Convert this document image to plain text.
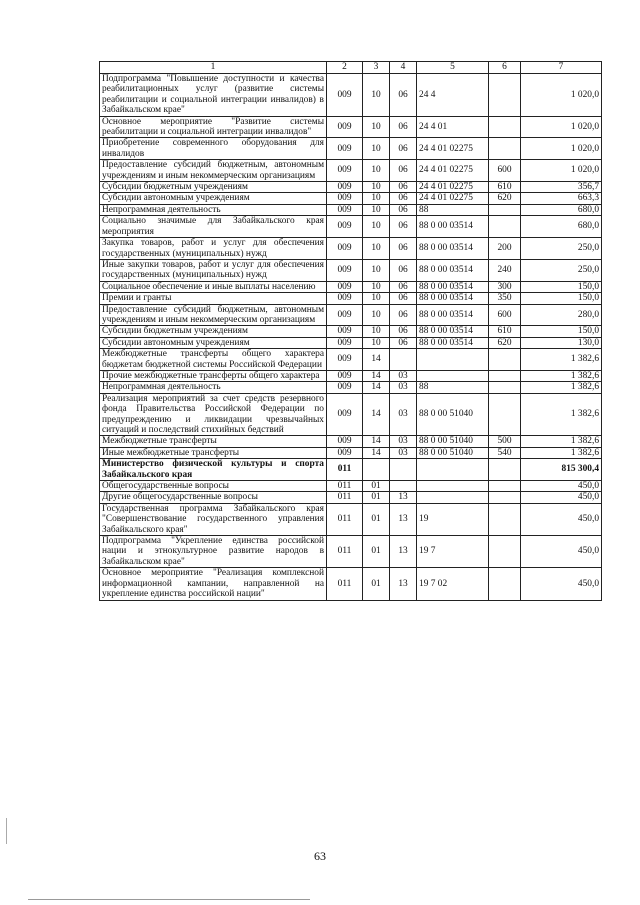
1	2	3	4	5	6	7
Подпрограмма "Повышение доступности и качества реабилитационных услуг (развитие системы реабилитации и социальной интеграции инвалидов) в Забайкальском крае"	009	10	06	24 4		1 020,0
Основное мероприятие "Развитие системы реабилитации и социальной интеграции инвалидов"	009	10	06	24 4 01		1 020,0
Приобретение современного оборудования для инвалидов	009	10	06	24 4 01 02275		1 020,0
Предоставление субсидий бюджетным, автономным учреждениям и иным некоммерческим организациям	009	10	06	24 4 01 02275	600	1 020,0
Субсидии бюджетным учреждениям	009	10	06	24 4 01 02275	610	356,7
Субсидии автономным учреждениям	009	10	06	24 4 01 02275	620	663,3
Непрограммная деятельность	009	10	06	88		680,0
Социально значимые для Забайкальского края мероприятия	009	10	06	88 0 00 03514		680,0
Закупка товаров, работ и услуг для обеспечения государственных (муниципальных) нужд	009	10	06	88 0 00 03514	200	250,0
Иные закупки товаров, работ и услуг для обеспечения государственных (муниципальных) нужд	009	10	06	88 0 00 03514	240	250,0
Социальное обеспечение и иные выплаты населению	009	10	06	88 0 00 03514	300	150,0
Премии и гранты	009	10	06	88 0 00 03514	350	150,0
Предоставление субсидий бюджетным, автономным учреждениям и иным некоммерческим организациям	009	10	06	88 0 00 03514	600	280,0
Субсидии бюджетным учреждениям	009	10	06	88 0 00 03514	610	150,0
Субсидии автономным учреждениям	009	10	06	88 0 00 03514	620	130,0
Межбюджетные трансферты общего характера бюджетам бюджетной системы Российской Федерации	009	14				1 382,6
Прочие межбюджетные трансферты общего характера	009	14	03			1 382,6
Непрограммная деятельность	009	14	03	88		1 382,6
Реализация мероприятий за счет средств резервного фонда Правительства Российской Федерации по предупреждению и ликвидации чрезвычайных ситуаций и последствий стихийных бедствий	009	14	03	88 0 00 51040		1 382,6
Межбюджетные трансферты	009	14	03	88 0 00 51040	500	1 382,6
Иные межбюджетные трансферты	009	14	03	88 0 00 51040	540	1 382,6
Министерство физической культуры и спорта Забайкальского края	011					815 300,4
Общегосударственные вопросы	011	01				450,0
Другие общегосударственные вопросы	011	01	13			450,0
Государственная программа Забайкальского края "Совершенствование государственного управления Забайкальского края"	011	01	13	19		450,0
Подпрограмма "Укрепление единства российской нации и этнокультурное развитие народов в Забайкальском крае"	011	01	13	19 7		450,0
Основное мероприятие "Реализация комплексной информационной кампании, направленной на укрепление единства российской нации"	011	01	13	19 7 02		450,0
63
